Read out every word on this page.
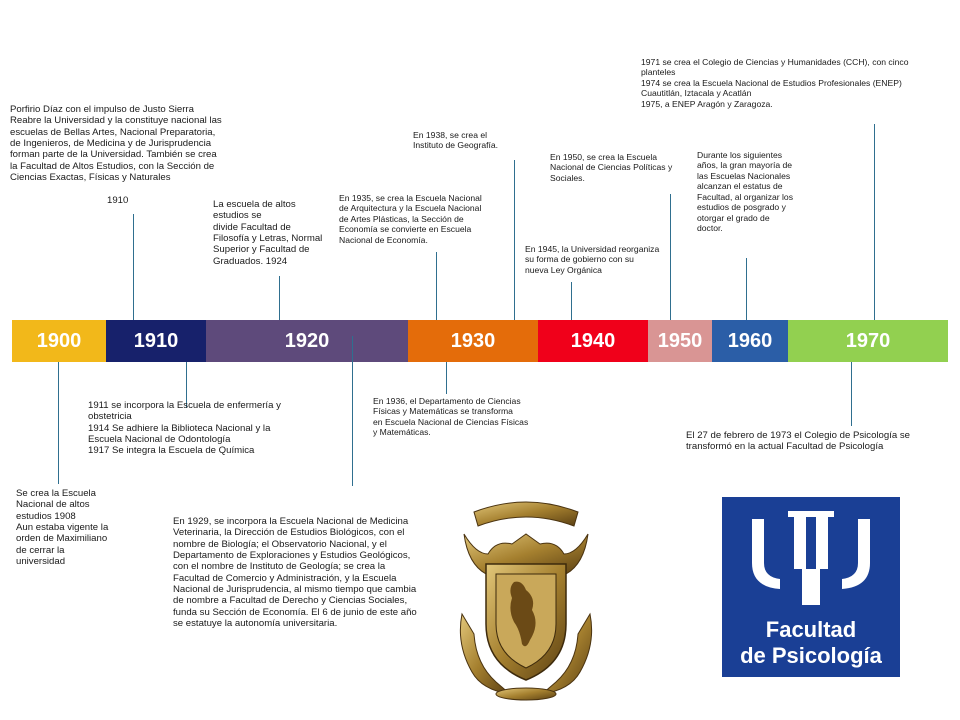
1900	1910	1920	1930	1940	1950	1960	1970
Porfirio Díaz con el impulso de Justo Sierra
Reabre la Universidad y la constituye nacional las
escuelas de Bellas Artes, Nacional Preparatoria,
de Ingenieros, de Medicina y de Jurisprudencia
forman parte de la Universidad. También se crea
la Facultad de Altos Estudios, con la Sección de
Ciencias Exactas, Físicas y Naturales
1910	La escuela de altos
estudios se
divide Facultad de
Filosofía y Letras, Normal
Superior y Facultad de
Graduados. 1924
En 1935, se crea la Escuela Nacional
de Arquitectura y la Escuela Nacional
de Artes Plásticas, la Sección de
Economía se convierte en Escuela
Nacional de Economía.
En 1938, se crea el
Instituto de Geografía.
En 1945, la Universidad reorganiza
su forma de gobierno con su
nueva Ley Orgánica
En 1950, se crea la Escuela
Nacional de Ciencias Políticas y
Sociales.
Durante los siguientes
años, la gran mayoría de
las Escuelas Nacionales
alcanzan el estatus de
Facultad, al organizar los
estudios de posgrado y
otorgar el grado de
doctor.
1971 se crea el Colegio de Ciencias y Humanidades (CCH), con cinco
planteles
1974 se crea la Escuela Nacional de Estudios Profesionales (ENEP)
Cuautitlán, Iztacala y Acatlán
1975, a ENEP Aragón y Zaragoza.
Se crea la Escuela
Nacional de altos
estudios 1908
Aun estaba vigente la
orden de Maximiliano
de cerrar la
universidad
1911 se incorpora la Escuela de enfermería y
obstetricia
1914 Se adhiere la Biblioteca Nacional y la
Escuela Nacional de Odontología
1917 Se integra la Escuela de Química
En 1929, se incorpora la Escuela Nacional de Medicina
Veterinaria, la Dirección de Estudios Biológicos, con el
nombre de Biología; el Observatorio Nacional, y el
Departamento de Exploraciones y Estudios Geológicos,
con el nombre de Instituto de Geología; se crea la
Facultad de Comercio y Administración, y la Escuela
Nacional de Jurisprudencia, al mismo tiempo que cambia
de nombre a Facultad de Derecho y Ciencias Sociales,
funda su Sección de Economía. El 6 de junio de este año
se estatuye la autonomía universitaria.
En 1936, el Departamento de Ciencias
Físicas y Matemáticas se transforma
en Escuela Nacional de Ciencias Físicas
y Matemáticas.	El 27 de febrero de 1973 el Colegio de Psicología se
transformó en la actual Facultad de Psicología
Facultad
de Psicología
